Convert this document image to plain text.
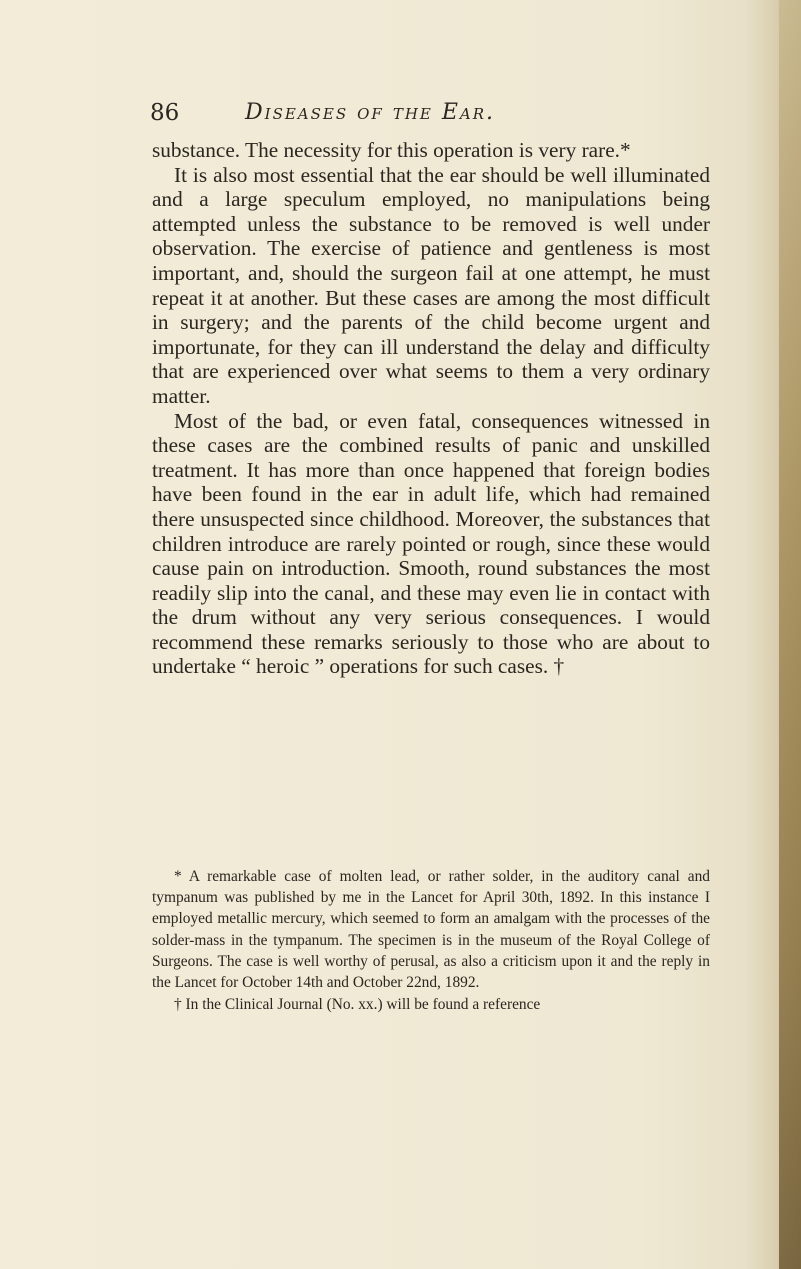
86	Diseases of the Ear.

substance. The necessity for this operation is very rare.*

It is also most essential that the ear should be well illuminated and a large speculum employed, no manipulations being attempted unless the substance to be removed is well under observation. The exercise of patience and gentleness is most important, and, should the surgeon fail at one attempt, he must repeat it at another. But these cases are among the most difficult in surgery; and the parents of the child become urgent and importunate, for they can ill understand the delay and difficulty that are experienced over what seems to them a very ordinary matter.

Most of the bad, or even fatal, consequences witnessed in these cases are the combined results of panic and unskilled treatment. It has more than once happened that foreign bodies have been found in the ear in adult life, which had remained there unsuspected since childhood. Moreover, the substances that children introduce are rarely pointed or rough, since these would cause pain on introduction. Smooth, round substances the most readily slip into the canal, and these may even lie in contact with the drum without any very serious consequences. I would recommend these remarks seriously to those who are about to undertake “ heroic ” operations for such cases. †

* A remarkable case of molten lead, or rather solder, in the auditory canal and tympanum was published by me in the Lancet for April 30th, 1892. In this instance I employed metallic mercury, which seemed to form an amalgam with the processes of the solder-mass in the tympanum. The specimen is in the museum of the Royal College of Surgeons. The case is well worthy of perusal, as also a criticism upon it and the reply in the Lancet for October 14th and October 22nd, 1892.

† In the Clinical Journal (No. xx.) will be found a reference
